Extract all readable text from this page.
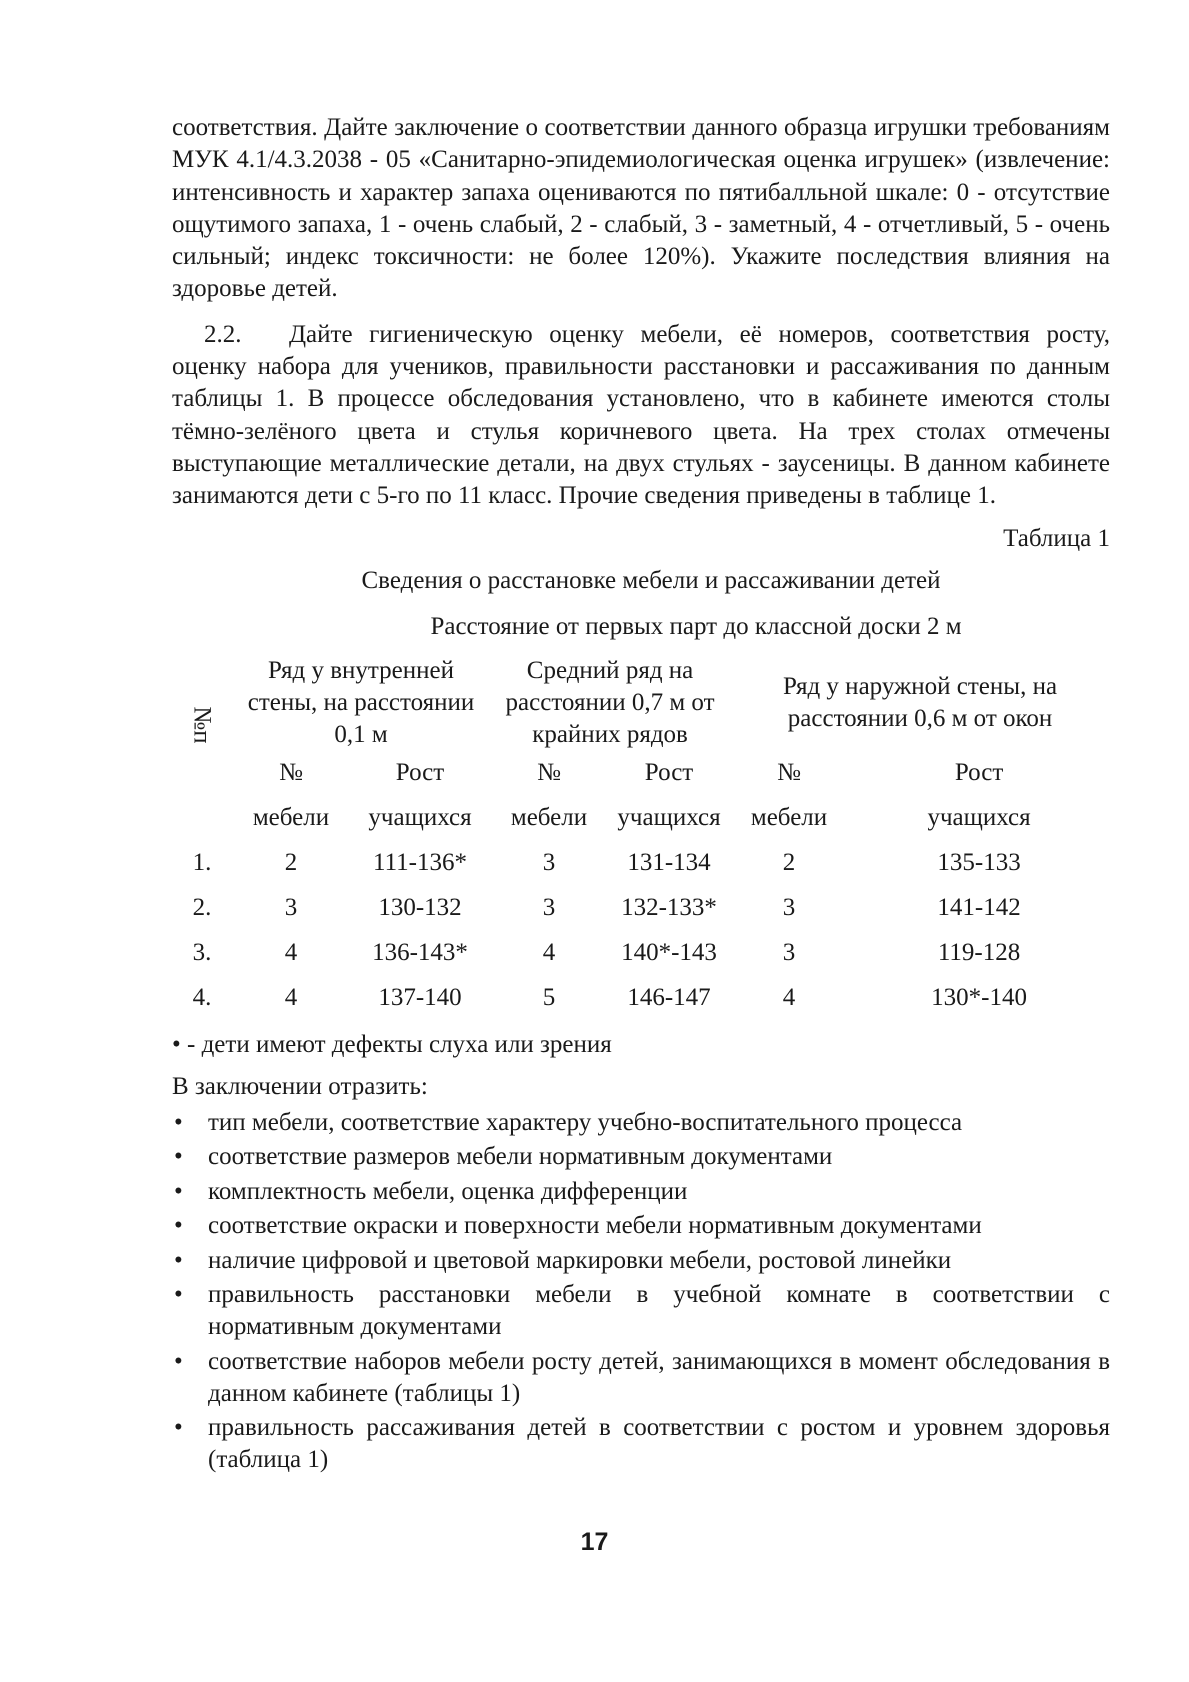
соответствия. Дайте заключение о соответствии данного образца игрушки требованиям МУК 4.1/4.3.2038 - 05 «Санитарно-эпидемиологическая оценка игрушек» (извлечение: интенсивность и характер запаха оцениваются по пятибалльной шкале: 0 - отсутствие ощутимого запаха, 1 - очень слабый, 2 - слабый, 3 - заметный, 4 - отчетливый, 5 - очень сильный; индекс токсичности: не более 120%). Укажите последствия влияния на здоровье детей.

2.2. Дайте гигиеническую оценку мебели, её номеров, соответствия росту, оценку набора для учеников, правильности расстановки и рассаживания по данным таблицы 1. В процессе обследования установлено, что в кабинете имеются столы тёмно-зелёного цвета и стулья коричневого цвета. На трех столах отмечены выступающие металлические детали, на двух стульях - заусеницы. В данном кабинете занимаются дети с 5-го по 11 класс. Прочие сведения приведены в таблице 1.

Таблица 1
Сведения о расстановке мебели и рассаживании детей
Расстояние от первых парт до классной доски 2 м
№п	Ряд у внутренней стены, на расстоянии 0,1 м		Средний ряд на расстоянии 0,7 м от крайних рядов		Ряд у наружной стены, на расстоянии 0,6 м от окон	
	№	Рост	№	Рост	№	Рост
	мебели	учащихся	мебели	учащихся	мебели	учащихся
1.	2	111-136*	3	131-134	2	135-133
2.	3	130-132	3	132-133*	3	141-142
3.	4	136-143*	4	140*-143	3	119-128
4.	4	137-140	5	146-147	4	130*-140
• - дети имеют дефекты слуха или зрения
В заключении отразить:
• тип мебели, соответствие характеру учебно-воспитательного процесса
• соответствие размеров мебели нормативным документами
• комплектность мебели, оценка дифференции
• соответствие окраски и поверхности мебели нормативным документами
• наличие цифровой и цветовой маркировки мебели, ростовой линейки
• правильность расстановки мебели в учебной комнате в соответствии с нормативным документами
• соответствие наборов мебели росту детей, занимающихся в момент обследования в данном кабинете (таблицы 1)
• правильность рассаживания детей в соответствии с ростом и уровнем здоровья (таблица 1)
17
